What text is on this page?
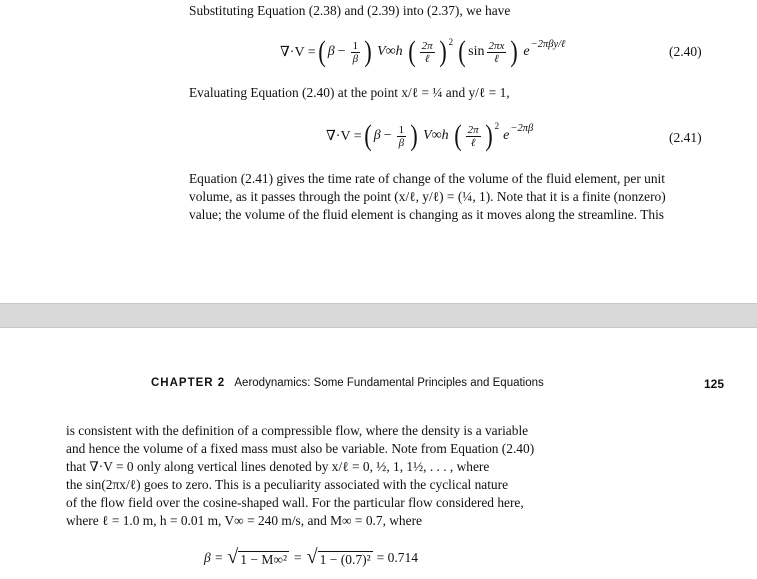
Substituting Equation (2.38) and (2.39) into (2.37), we have
∇·V = ( $\beta - \frac{1}{\beta}$ ) V∞h ( $\frac{2\pi}{\text{ℓ}}$ ) 2 ( $\sin \frac{2\pi x}{\text{ℓ}}$ ) e −2πβy/ℓ	(2.40)
Evaluating Equation (2.40) at the point x/ℓ = ¼ and y/ℓ = 1,
∇·V = ( $\beta - \frac{1}{\beta}$ ) V∞h ( $\frac{2\pi}{\text{ℓ}}$ ) 2
e −2πβ
(2.41)
Equation (2.41) gives the time rate of change of the volume of the fluid element, per unit
volume, as it passes through the point (x/ℓ, y/ℓ) = (¼, 1). Note that it is a finite (nonzero)
value; the volume of the fluid element is changing as it moves along the streamline. This
CHAPTER 2 Aerodynamics: Some Fundamental Principles and Equations	125
is consistent with the definition of a compressible flow, where the density is a variable
and hence the volume of a fixed mass must also be variable. Note from Equation (2.40)
that ∇·V = 0 only along vertical lines denoted by x/ℓ = 0, ½, 1, 1½, . . . , where
the sin(2πx/ℓ) goes to zero. This is a peculiarity associated with the cyclical nature
of the flow field over the cosine-shaped wall. For the particular flow considered here,
where ℓ = 1.0 m, h = 0.01 m, V∞ = 240 m/s, and M∞ = 0.7, where
β = √ 1 − M∞² = √ 1 − (0.7)² = 0.714
